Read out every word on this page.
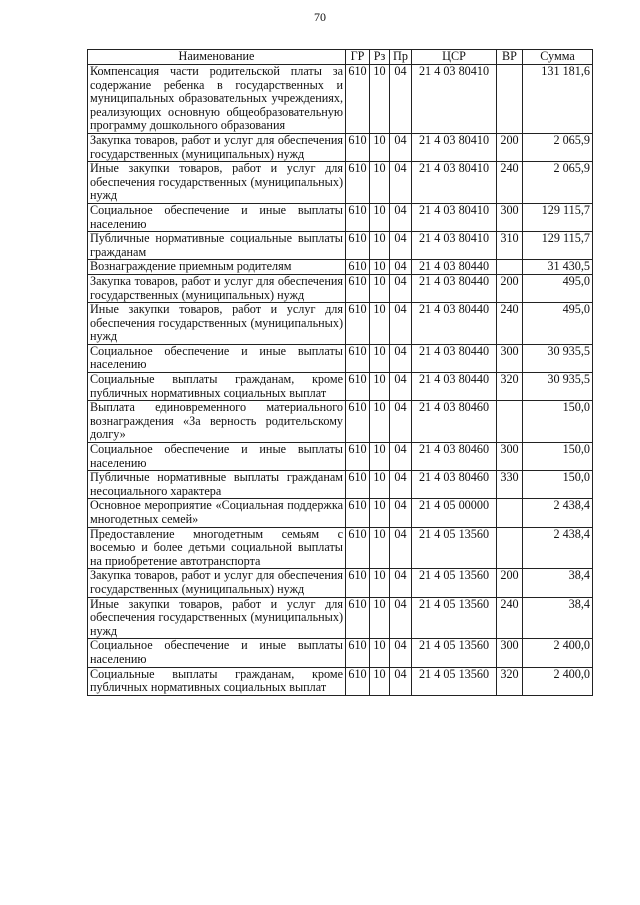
70
Наименование	ГР	Рз	Пр	ЦСР	ВР	Сумма
Компенсация части родительской платы за содержание ребенка в государственных и муниципальных образовательных учреждениях, реализующих основную общеобразовательную программу дошкольного образования	610	10	04	21 4 03 80410		131 181,6
Закупка товаров, работ и услуг для обеспечения государственных (муниципальных) нужд	610	10	04	21 4 03 80410	200	2 065,9
Иные закупки товаров, работ и услуг для обеспечения государственных (муниципальных) нужд	610	10	04	21 4 03 80410	240	2 065,9
Социальное обеспечение и иные выплаты населению	610	10	04	21 4 03 80410	300	129 115,7
Публичные нормативные социальные выплаты гражданам	610	10	04	21 4 03 80410	310	129 115,7
Вознаграждение приемным родителям	610	10	04	21 4 03 80440		31 430,5
Закупка товаров, работ и услуг для обеспечения государственных (муниципальных) нужд	610	10	04	21 4 03 80440	200	495,0
Иные закупки товаров, работ и услуг для обеспечения государственных (муниципальных) нужд	610	10	04	21 4 03 80440	240	495,0
Социальное обеспечение и иные выплаты населению	610	10	04	21 4 03 80440	300	30 935,5
Социальные выплаты гражданам, кроме публичных нормативных социальных выплат	610	10	04	21 4 03 80440	320	30 935,5
Выплата единовременного материального вознаграждения «За верность родительскому долгу»	610	10	04	21 4 03 80460		150,0
Социальное обеспечение и иные выплаты населению	610	10	04	21 4 03 80460	300	150,0
Публичные нормативные выплаты гражданам несоциального характера	610	10	04	21 4 03 80460	330	150,0
Основное мероприятие «Социальная поддержка многодетных семей»	610	10	04	21 4 05 00000		2 438,4
Предоставление многодетным семьям с восемью и более детьми социальной выплаты на приобретение автотранспорта	610	10	04	21 4 05 13560		2 438,4
Закупка товаров, работ и услуг для обеспечения государственных (муниципальных) нужд	610	10	04	21 4 05 13560	200	38,4
Иные закупки товаров, работ и услуг для обеспечения государственных (муниципальных) нужд	610	10	04	21 4 05 13560	240	38,4
Социальное обеспечение и иные выплаты населению	610	10	04	21 4 05 13560	300	2 400,0
Социальные выплаты гражданам, кроме публичных нормативных социальных выплат	610	10	04	21 4 05 13560	320	2 400,0
